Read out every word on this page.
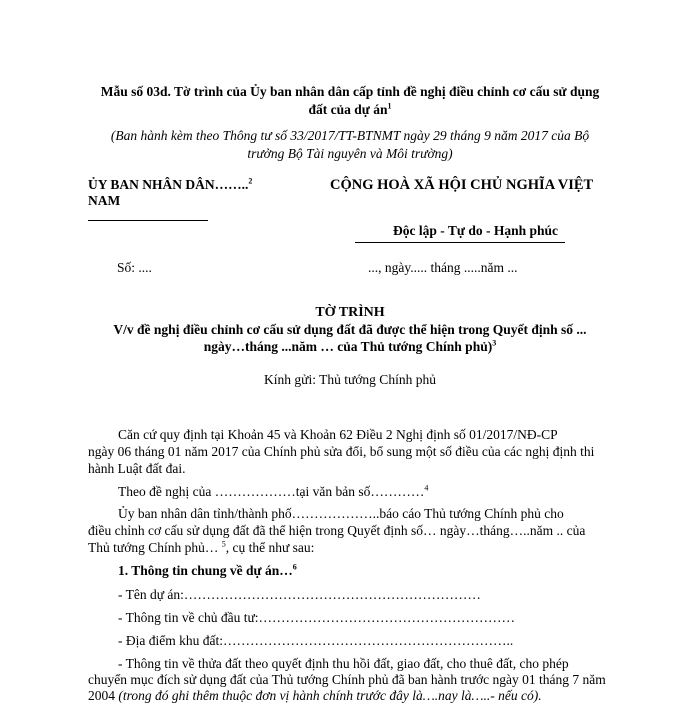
Mẫu số 03d. Tờ trình của Ủy ban nhân dân cấp tỉnh đề nghị điều chỉnh cơ cấu sử dụng
đất của dự $án^1$
(Ban hành kèm theo Thông tư số 33/2017/TT-BTNMT ngày 29 tháng 9 năm 2017 của Bộ
trưởng Bộ Tài nguyên và Môi trường)
ỦY BAN NHÂN DÂN……..$^2$
NAM
CỘNG HOÀ XÃ HỘI CHỦ NGHĨA VIỆT
Độc lập - Tự do - Hạnh phúc
Số: ....	..., ngày..... tháng .....năm ...
TỜ TRÌNH
V/v đề nghị điều chỉnh cơ cấu sử dụng đất đã được thể hiện trong Quyết định số ...
ngày…tháng ...năm … của Thủ tướng Chính phủ)$^3$
Kính gửi: Thủ tướng Chính phủ
Căn cứ quy định tại Khoản 45 và Khoản 62 Điều 2 Nghị định số 01/2017/NĐ-CP
ngày 06 tháng 01 năm 2017 của Chính phủ sửa đổi, bổ sung một số điều của các nghị định thi
hành Luật đất đai.
Theo đề nghị của ………………tại văn bản số…………$^4$
Ủy ban nhân dân tỉnh/thành phố………………..báo cáo Thủ tướng Chính phủ cho
điều chỉnh cơ cấu sử dụng đất đã thể hiện trong Quyết định số… ngày…tháng…..năm .. của
Thủ tướng Chính phủ… $^5$, cụ thể như sau:
1. Thông tin chung về dự án…$^6$
- Tên dự án:…………………………………………………………
- Thông tin về chủ đầu tư:…………………………………………………
- Địa điểm khu đất:………………………………………………………..
- Thông tin về thửa đất theo quyết định thu hồi đất, giao đất, cho thuê đất, cho phép
chuyển mục đích sử dụng đất của Thủ tướng Chính phủ đã ban hành trước ngày 01 tháng 7 năm
2004 (trong đó ghi thêm thuộc đơn vị hành chính trước đây là….nay là…..- nếu có).
